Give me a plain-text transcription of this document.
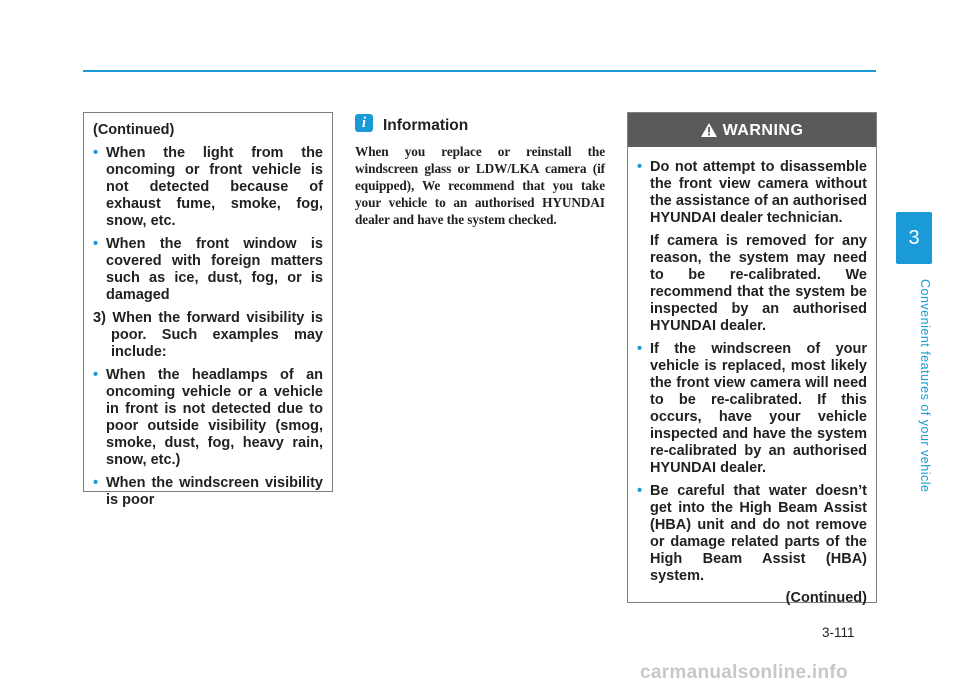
3
Convenient features of your vehicle

(Continued)

• When the light from the oncoming or front vehicle is not detected because of exhaust fume, smoke, fog, snow, etc.
• When the front window is covered with foreign matters such as ice, dust, fog, or is damaged

3) When the forward visibility is poor. Such examples may include:

• When the headlamps of an oncoming vehicle or a vehicle in front is not detected due to poor outside visibility (smog, smoke, dust, fog, heavy rain, snow, etc.)
• When the windscreen visibility is poor
i	Information
When you replace or reinstall the windscreen glass or LDW/LKA camera (if equipped), We recommend that you take your vehicle to an authorised HYUNDAI dealer and have the system checked.
WARNING
• Do not attempt to disassemble the front view camera without the assistance of an authorised HYUNDAI dealer technician.

If camera is removed for any reason, the system may need to be re-calibrated. We recommend that the system be inspected by an authorised HYUNDAI dealer.

• If the windscreen of your vehicle is replaced, most likely the front view camera will need to be re-calibrated. If this occurs, have your vehicle inspected and have the system re-calibrated by an authorised HYUNDAI dealer.
• Be careful that water doesn’t get into the High Beam Assist (HBA) unit and do not remove or damage related parts of the High Beam Assist (HBA) system.

(Continued)

3-111
carmanualsonline.info
